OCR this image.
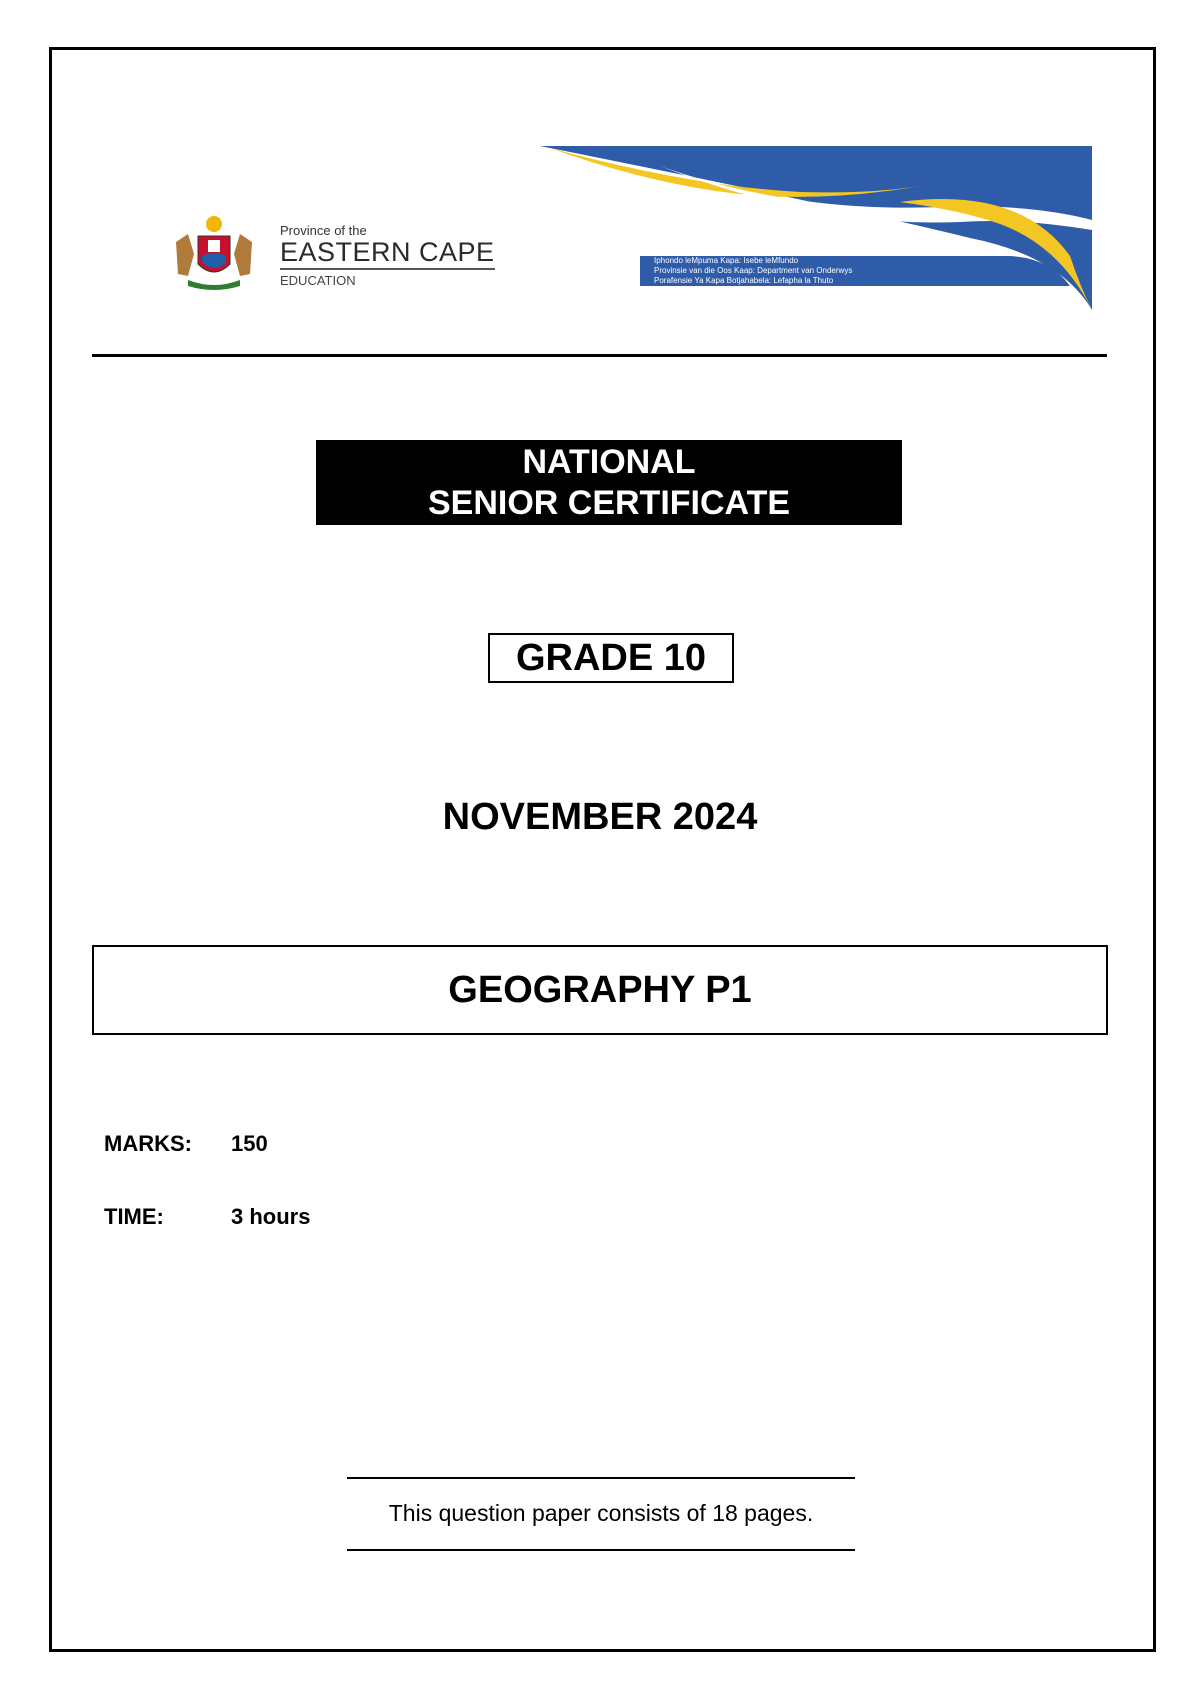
Province of the
EASTERN CAPE
EDUCATION
Iphondo leMpuma Kapa: Isebe leMfundo
Provinsie van die Oos Kaap: Department van Onderwys
Porafensie Ya Kapa Botjahabela: Lefapha la Thuto
NATIONAL
SENIOR CERTIFICATE
GRADE 10
NOVEMBER 2024
GEOGRAPHY P1
MARKS: 150
TIME:	3 hours
This question paper consists of 18 pages.
